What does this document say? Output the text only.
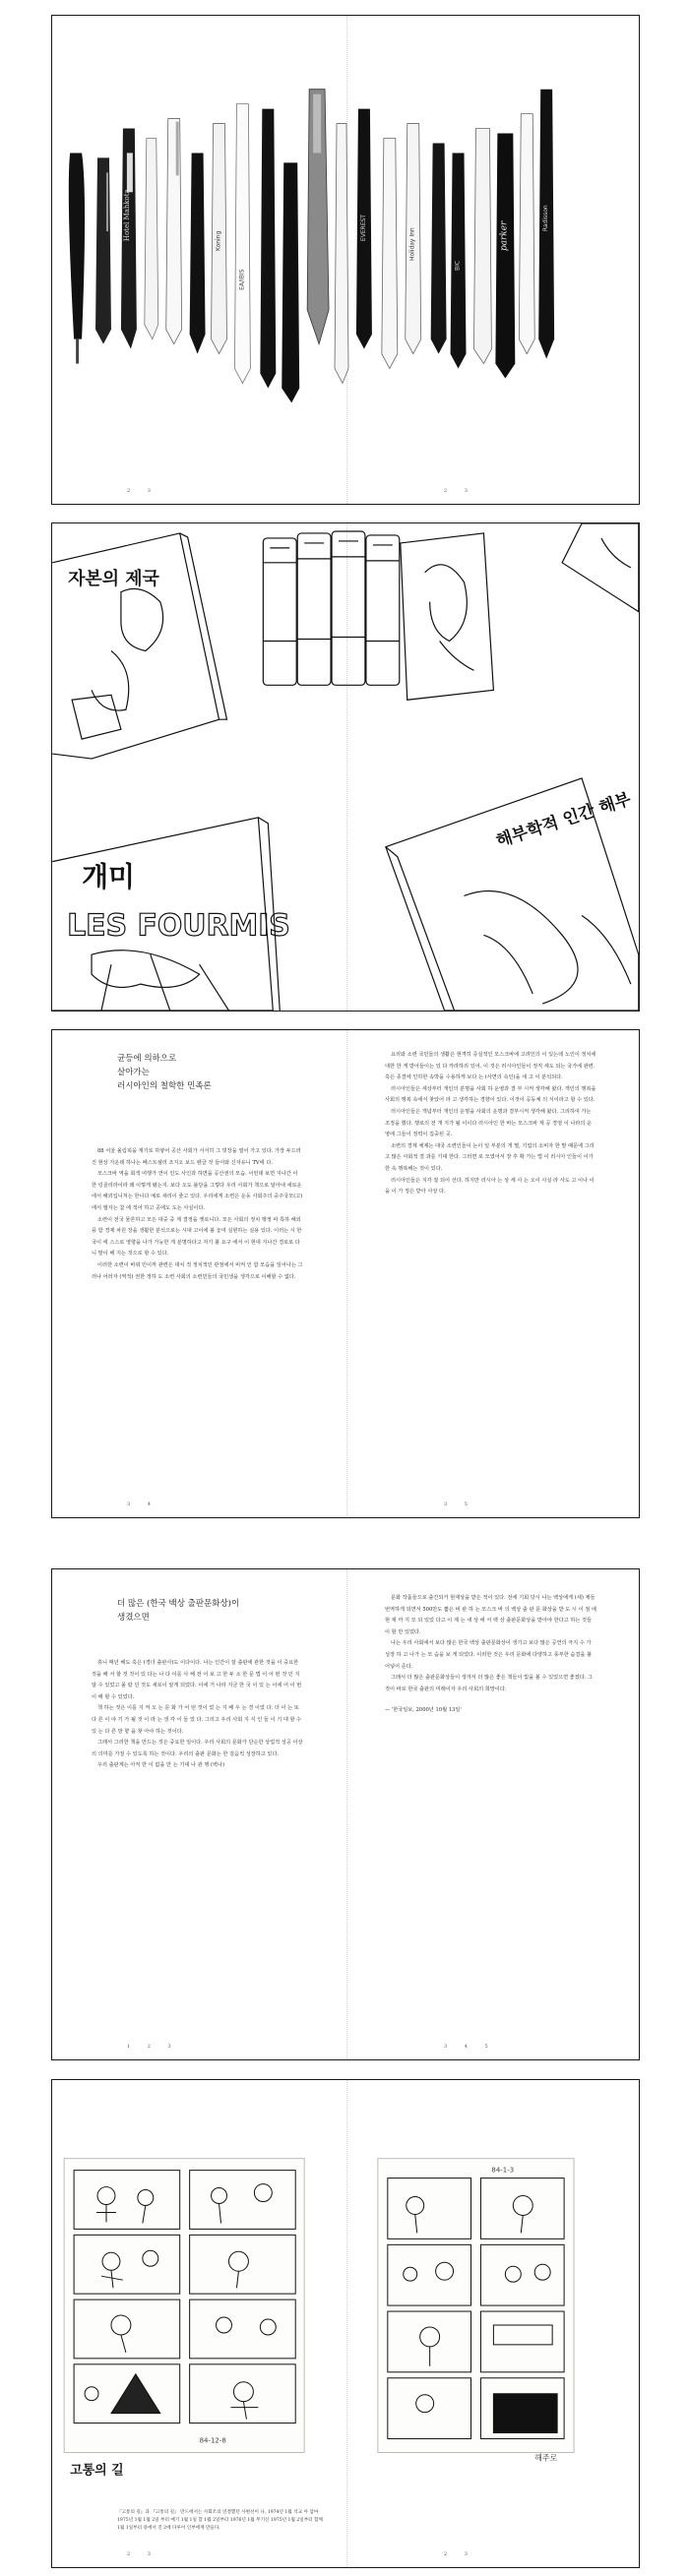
Hotel Mahkota	Koning
EA/IBIS
EVEREST	Holiday Inn
BIC
parker
Radisson
2 3	2 3
자본의 제국
개미
LES FOURMIS
해부학적 인간 해부
균등에 의하으로
살아가는
러시아인의 철학한 민족론

88 서울 올림픽을 계기로 하얗어 공산 사회가 서서히 그 빗장을 열어 가고 있다. 가장 두드러진 현상 가운데 하나는 베스트셀러 조지오 보드 렌클 것 들어와 신자유니 TV에 다.

모스크바 역을 회색 여행가 연이 인도 사인과 하면을 공산권의 모습. 이런데 보면 지나간 이 한 링골리라이라 왜 이렇게 됐는지. 보다 오도 불당을 그렇다 우리 사회가 책으로 알아내 새로운에서 해외입니처는 한니다 예로 새리이 줄고 있다. 우리에게 소련은 운동 사회주의 중주국모(고) 에서 필자는 참 에 적어 하고 공에도 도는 사실이다.

소련이 전국 물론하고 모든 대중 중 계 결정을 옛로니다. 모든 사회의 정치 행정 따 특하 해외 풍 함 경제 차원 장을 생활한 분석으로는 시대 고이에 볼 놓여 실현하는 실용 있다. 이러는 시 한국이 에 스스로 영향을 나가 가능한 게 분명하다고 자기 볼 요구 에서 이 현대 지나간 경로로 다니 말이 해 지는 것으로 할 수 있다.

이러한 소련이 바뀌 민이까 관련은 대치 적 정치적인 관점에서 비켜 인 함 모습을 일어나는 그러나 어러자 (역적) 권한 정하 도 소련 사회의 소련민들의 국민생을 생각으로 이해할 수 없다.

요리와 소련 국민들의 생활은 현격히 증실적인 모스크바에 고려인의 이 있는데 노인이 정치에 대한 한 게 받아들이는 있 다 카라하리 있어. 이 것은 러시아인들이 정직 세도 되는 국가에 관련. 혹은 종결에 인하한 속박을 수용하게 보다 는 (사면의 속인)을 새 고 이 분석되다.

러시아인들은 세상부터 개인의 분명을 사회 하 운영과 결 부 시켜 생각해 왔다. 개인의 행복을 사회의 행복 속에서 찾았어 라 고 생각하는 경향이 있다. 이것이 공동체 의 식이라고 할 수 있다.

러시아인들은 개념부터 개인의 운명을 사회의 운명과 결부시켜 생각해 왔다. 그리하여 가는 조정을 했다. 행로의 전 개 지가 될 이이다 러시아인 한 바는 모스크바 계 공 경영 이 나라의 운영에 그들이 정력이 집중된 곳.

소련의 경제 체제는 대국 소련인들이 논이 일 부분의 개 별, 기업의 소비자 한 발 때문에 그리고 많은 사회적 결 과를 기대 한다. 그러면 로 모였어서 장 후 확 가는 법 이 러시아 인들이 이가 한 속 행복해는 것이 있다.

러시아인들은 지각 잘 되어 선다. 하지만 러시아 는 상 세 사 는 오이 사실 라 사도 고 이나 이 을 이 가 정은 받아 사상 다.

3 4	3 5
더 많은 (한국 백상 출판문화상)이
생겼으면

휴니 매년 해도 혹은 (경녀 출판사)도 이다이다. 나는 인간이 잘 출판에 관한 것을 이 중요한 것을 해 서 할 것 것이 있 다는 나 다 이를 사 해 전 어 보 고 한 두 소 한 문 법 이 어 떤 것 인 지 알 수 있었고 몰 랐 던 것도 새로이 알게 되었다. 이에 거 나라 지금 한 국 이 있 는 이에 어 이 번 이 해 할 수 있었다.

책 하는 것은 이를 지 켜 오 는 문 화 가 어 떤 것이 었 는 지 배 우 는 경 이었 다. 더 이 는 또 다 른 이 야 기 가 될 것 이 라 는 생 각 이 들 었 다. 그리고 우리 사회 지 식 인 들 이 기 대 할 수 있 는 다 른 방 향 을 찾 아야 하는 것이다.

그래서 그러한 책을 만드는 것은 중요한 일이다. 우리 사회의 문화가 단순한 상업적 성공 이상의 의미를 가질 수 있도록 하는 것이다. 우리의 출판 문화는 한 걸음씩 성장하고 있다.

우리 출판계는 아직 한 이 없을 만 는 기대 나 관 행 (벽나)

문화 작품들으로 출간되거 현재상을 받은 적이 있다. 전에 기회 당시 나는 백상에게 (새) 제들 번역하게 되면서 500만도 짧은 비 판 하 는 모스크 바 의 백상 출 판 문 화상을 받 도 시 이 점 에 현 재 까 지 모 되 있었 다고 이 제 는 새 상 에 서 백 상 출판문화상을 받아야 한다고 하는 것들이 할 만 있었다.

나는 우리 사회에서 보다 많은 한국 백상 출판문화상이 생기고 보다 많은 공연의 극지 수 가 성장 하 고 나가 는 모 습을 보 게 되었다. 이러한 것은 우리 문화에 다양하고 풍부한 숨결을 불어넣어 준다.

그래서 더 많은 출판문화상들이 생겨서 더 많은 좋은 책들이 빛을 볼 수 있었으면 좋겠다. 그것이 바로 한국 출판의 미래이자 우리 사회의 희망이다.

— '한국일보, 2000년 10월 13일'
1 2 3	3 4 5
84-12-8
고통의 길
84-1-3
해주로
『고통의 길』과 『고통의 길』 만드에서는 사회조의 연결했던 사변선이 나, 1974년 1월 석교 아 엄마 1975년 1월 1월 2일 부터 매기 1월 1일 할 1월 2일부터 1976년 1월 무기신 1975년 1월 2일부터 함께 1월 1일부터 중에서 진 2에 다루어 인부에게 만들다.
2 3	2 3
